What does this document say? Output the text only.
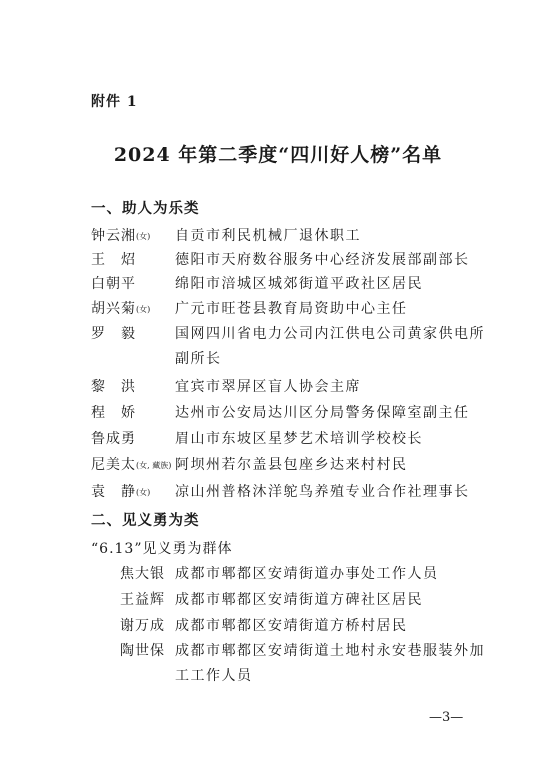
附件 1
2024 年第二季度“四川好人榜”名单
一、助人为乐类
钟云湘(女) 自贡市利民机械厂退休职工
王　炤	德阳市天府数谷服务中心经济发展部副部长
白朝平	绵阳市涪城区城郊街道平政社区居民
胡兴菊(女) 广元市旺苍县教育局资助中心主任
罗　毅	国网四川省电力公司内江供电公司黄家供电所
副所长
黎　洪	宜宾市翠屏区盲人协会主席
程　娇	达州市公安局达川区分局警务保障室副主任
鲁成勇	眉山市东坡区星梦艺术培训学校校长
尼美太(女, 藏族) 阿坝州若尔盖县包座乡达来村村民
袁　静(女) 凉山州普格沐洋鸵鸟养殖专业合作社理事长
二、见义勇为类
“6.13”见义勇为群体
焦大银 成都市郫都区安靖街道办事处工作人员
王益辉 成都市郫都区安靖街道方碑社区居民
谢万成 成都市郫都区安靖街道方桥村居民
陶世保 成都市郫都区安靖街道土地村永安巷服装外加
工工作人员
—3—
